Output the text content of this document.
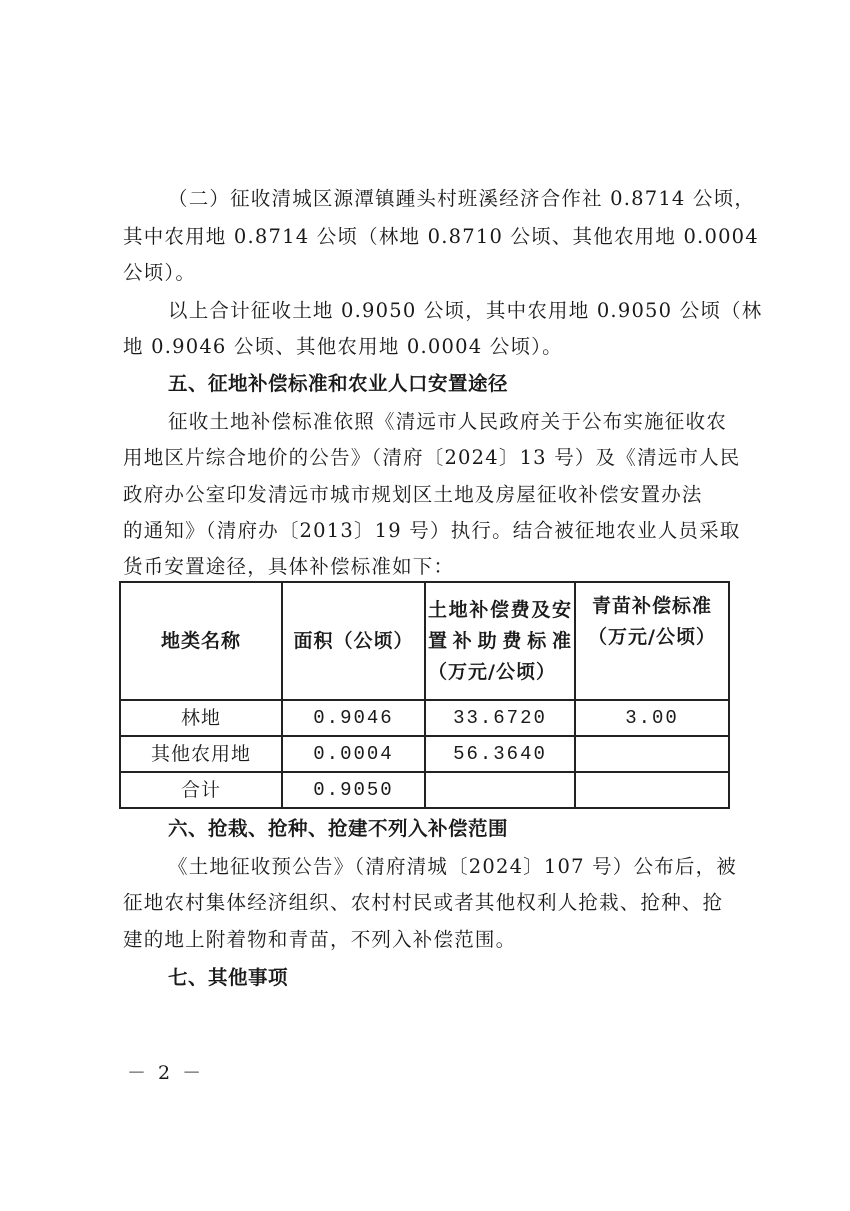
（二）征收清城区源潭镇踵头村班溪经济合作社 0.8714 公顷，
其中农用地 0.8714 公顷（林地 0.8710 公顷、其他农用地 0.0004
公顷）。
以上合计征收土地 0.9050 公顷，其中农用地 0.9050 公顷（林
地 0.9046 公顷、其他农用地 0.0004 公顷）。
五、征地补偿标准和农业人口安置途径
征收土地补偿标准依照《清远市人民政府关于公布实施征收农
用地区片综合地价的公告》（清府〔2024〕13 号）及《清远市人民
政府办公室印发清远市城市规划区土地及房屋征收补偿安置办法
的通知》（清府办〔2013〕19 号）执行。结合被征地农业人员采取
货币安置途径，具体补偿标准如下：
地类名称	面积（公顷）	土地补偿费及安置补助费标准（万元/公顷）	青苗补偿标准（万元/公顷）
林地	0.9046	33.6720	3.00
其他农用地	0.0004	56.3640	
合计	0.9050		
六、抢栽、抢种、抢建不列入补偿范围
《土地征收预公告》（清府清城〔2024〕107 号）公布后，被
征地农村集体经济组织、农村村民或者其他权利人抢栽、抢种、抢
建的地上附着物和青苗，不列入补偿范围。
七、其他事项
－ 2 －
